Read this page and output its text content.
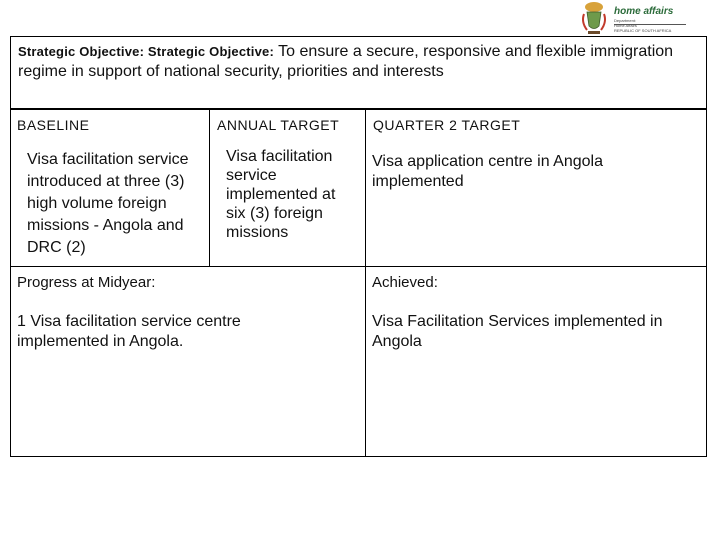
home affairs
Department:
Home Affairs
REPUBLIC OF SOUTH AFRICA
Strategic Objective: Strategic Objective: To ensure a secure, responsive and flexible immigration regime in support of national security, priorities and interests
BASELINE	ANNUAL TARGET QUARTER 2 TARGET
Visa facilitation service introduced at three (3) high volume foreign missions - Angola and DRC (2)
Visa facilitation service implemented at six (3) foreign missions
Visa application centre in Angola implemented
Progress at Midyear:
1 Visa facilitation service centre implemented in Angola.
Achieved:
Visa Facilitation Services implemented in Angola
